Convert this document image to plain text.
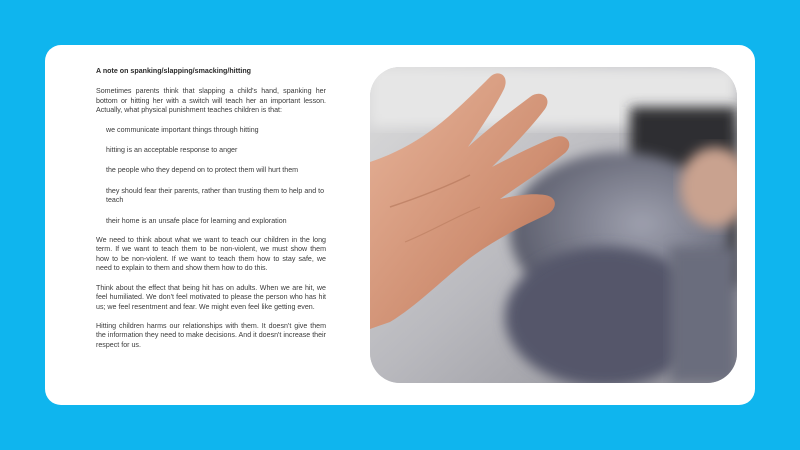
A note on spanking/slapping/smacking/hitting

Sometimes parents think that slapping a child's hand, spanking her bottom or hitting her with a switch will teach her an important lesson. Actually, what physical punishment teaches children is that:

we communicate important things through hitting
hitting is an acceptable response to anger
the people who they depend on to protect them will hurt them
they should fear their parents, rather than trusting them to help and to teach
their home is an unsafe place for learning and exploration

We need to think about what we want to teach our children in the long term. If we want to teach them to be non-violent, we must show them how to be non-violent. If we want to teach them how to stay safe, we need to explain to them and show them how to do this.

Think about the effect that being hit has on adults. When we are hit, we feel humiliated. We don't feel motivated to please the person who has hit us; we feel resentment and fear. We might even feel like getting even.

Hitting children harms our relationships with them. It doesn't give them the information they need to make decisions. And it doesn't increase their respect for us.
